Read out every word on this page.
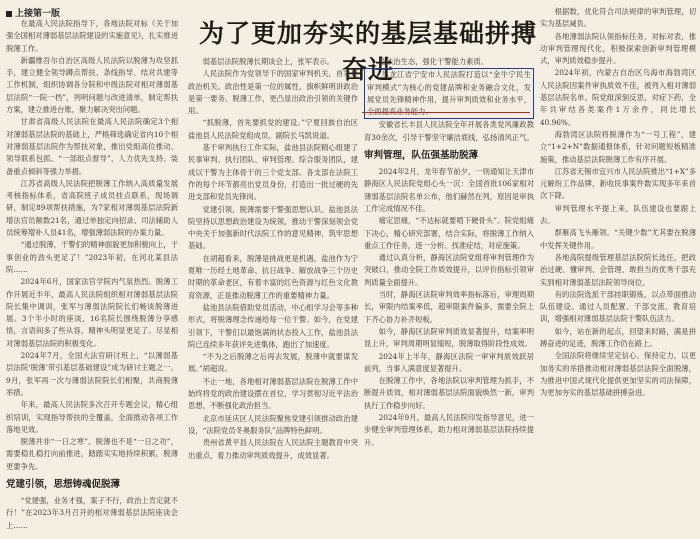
上接第一版
为了更加夯实的基层基础拼搏奋进

在最高人民法院指导下，各地法院对标《关于加强全国相对薄弱基层法院建设的实施意见》，扎实推进脱薄工作。

新疆维吾尔自治区高级人民法院以脱薄为攻坚抓手，建立健全领导蹲点帮扶、条线指导、结对共建等工作机制，组织协调各分院和中级法院对相对薄弱基层法院“一院一档”，列明问题与改进清单，制定帮扶方案，建立推进台账，聚力解决突出问题。

甘肃省高级人民法院在最高人民法院确定3个相对薄弱基层法院的基础上，严格筛选确定省内10个相对薄弱基层法院作为帮扶对象，推出党组高位推动、领导联系包抓、“一部组点督导”、人力优先支持、装备重点倾斜等强力举措。

江苏省高级人民法院把脱薄工作纳入高质量发展考核指标体系，省高院班子成员挂点联系，现场调研，制定89项帮扶措施，为7家相对薄弱基层法院新增法官员额数21名，通过单独定向招录、司法辅助人员统筹增补人员41名，增强薄弱法院的办案力量。

“通过脱薄，干警们的精神面貌更加积极向上，干事创业的劲头更足了！”2023年初，在河北某县法院……

2024年6月，国家法官学院内气氛热烈。脱薄工作开展近半年，最高人民法院组织相对薄弱基层法院院长集中调训，张军与薄弱法院院长们畅谈脱薄进展。3个半小时的座谈，16名院长围绕脱薄分享感悟，言语间多了些从容，精神头明显更足了。尽显相对薄弱基层法院的积极变化。

2024年7月，全国大法官研讨班上，“以薄弱基层法院‘脱薄’带引基层基础建设”成为研讨主题之一。9月，张军再一次与薄弱法院院长们相聚，共商脱薄举措。

年来，最高人民法院多次召开专题会议，精心组织培训，实现指导帮扶的全覆盖，全面推动各项工作落地见效。

脱薄并非“一日之寒”。脱薄也不是“一日之功”，需要稳扎稳打向前推进，踏踏实实地持续积累，脱薄更要争先。

党建引领，思想铸魂促脱薄

“党建强，业务才强，案子不行，政治上肯定就不行！”在2023年3月召开的相对薄弱基层法院座谈会上……

弱基层法院脱薄长期谈会上，张军表示。

人民法院作为党领导下的国家审判机关，首先是政治机关。政治性是第一位的属性，旗帜鲜明讲政治是第一要务。脱薄工作，更凸显出政治引领的关键作用。

“抓脱薄，首先要抓党的建设。”宁夏回族自治区盐池县人民法院党组成员、副院长马凯说道。

基于审判执行工作实际，盐池县法院精心组建了民事审判、执行团队、审判管理、综合服务团队，建成以干警为主体骨干的三个党支部。各支部在法院工作的每个环节都亮出党员身份，打造出一批过硬的先进支部和党员先锋岗。

党建引领，脱薄需要干警强思想认识。盐池县法院坚持以思想政治建设为统领，推动干警深刻领会党中央关于加强新时代法院工作的意见精神，筑牢思想基础。

在胡超看来，脱薄是挑战更是机遇。盐池作为宁夏唯一历经土地革命、抗日战争、解放战争三个历史时期的革命老区，有着丰富的红色资源与红色文化教育资源，正是推动脱薄工作的重要精神力量。

盐池县法院借助党员活动，中心组学习会等多种形式，将脱薄理念传递给每一位干警。如今，在党建引领下，干警们以最饱满的状态投入工作，盐池县法院已连续多年获评先进集体，跑出了加速度。

“不为之后脱薄之后再去发展，脱薄中就要谋发展。”胡超说。

不止一地，各地相对薄弱基层法院在脱薄工作中始终将党的政治建设摆在首位，学习贯彻习近平法治思想，不断强化政治担当。

北京市延庆区人民法院聚焦党建引领推动政治建设，“法院党员冬奥服务队”品牌特色鲜明。

贵州省黄平县人民法院在人民法院主题教育中突出重点，着力推动审判质效提升，成效显著。

型法治生态，强化干警能力素质。

黑龙江省宁安市人民法院打造以“金牛宁民生审判模式”为核心的党建品牌和业务融合文化，发展党员先锋精神作用，提升审判质效和业务水平，全面提高业务能力。

安徽省长丰县人民法院全年开展各类党风廉政教育30余次，引导干警坚守廉洁底线，弘扬清风正气。

审判管理，队伍强基助脱薄

2024年2月，龙年春节前夕，一则通知让天津市静海区人民法院党组心头一沉：全国首批106家相对薄弱基层法院名单公布，他们赫然在列，原因是审执工作完成情况不佳。

痛定思痛，“不达标就要啃下硬骨头”。院党组痛下决心，精心研究部署，结合实际，将脱薄工作纳入重点工作任务，逐一分析、找准症结，对症施策。

通过认真分析，静海区法院党组将审判管理作为突破口，推动全院工作质效提升，以评价指标引领审判质量全面提升。

当时，静海区法院审判效率指标落后，审理周期长，审限内结案率低，超审限案件偏多，需要全院上下齐心协力补齐短板。

如今，静海区法院审判质效显著提升，结案率明显上升，审判周期明显缩短，脱薄取得阶段性成效。

2024年上半年，静海区法院一审审判质效跃居前列，当事人满意度显著提升。

在脱薄工作中，各地法院以审判管理为抓手，不断提升质效，相对薄弱基层法院面貌焕然一新，审判执行工作稳步向好。

2024年9月，最高人民法院印发指导意见，进一步健全审判管理体系，助力相对薄弱基层法院持续提升。

根据数，优化符合司法规律的审判管理，切实为基层减负。

各地薄弱法院认领指标任务，对标对表，推动审判管理现代化，积极探索创新审判管理模式，审判质效稳步提升。

2024年初，内蒙古自治区乌海市海勃湾区人民法院因案件审执质效不佳，被列入相对薄弱基层法院名单。院党组深刻反思，对症下药，全年共审结各类案件1万余件，同比增长40.96%。

海勃湾区法院将脱薄作为“一号工程”，建立“1+2+N”数据通报体系，针对问题短板精准施策，推动基层法院脱薄工作有序开展。

江苏省无锡市宜兴市人民法院推出“1+X”多元解纷工作品牌，新收民事案件数实现多年来首次下降。

审判管理水平提上来，队伍建设也要跟上去。

群雁高飞头雁领。“关键少数”尤其要在脱薄中发挥关键作用。

各地高院提级管理基层法院院长选任，把政治过硬、懂审判、会管理、敢担当的优秀干部充实到相对薄弱基层法院领导岗位。

有的法院选派干部挂职锻炼，以点带面推动队伍建设。通过人员配置、干部交流、教育培训，增强相对薄弱基层法院干警队伍活力。

如今，站在新的起点，回望来时路，满是拼搏奋进的足迹，脱薄工作仍在路上。

全国法院将继续坚定信心、保持定力，以更加务实的举措推动相对薄弱基层法院全面脱薄，为推进中国式现代化提供更加坚实的司法保障，为更加夯实的基层基础拼搏奋进。
